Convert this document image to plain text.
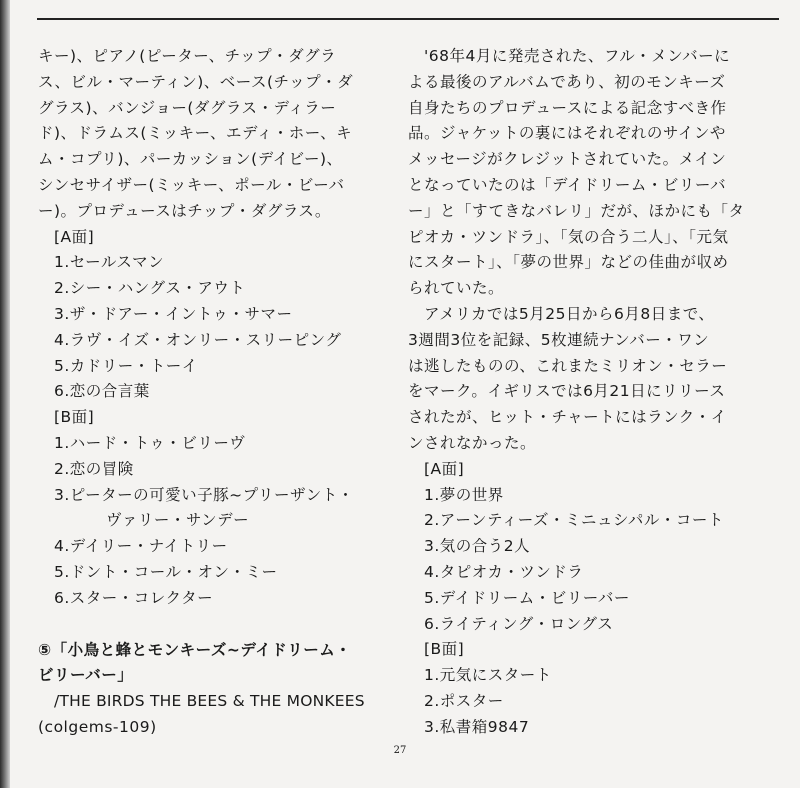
キー)、ピアノ(ピーター、チップ・ダグラ
ス、ビル・マーティン)、ベース(チップ・ダ
グラス)、バンジョー(ダグラス・ディラー
ド)、ドラムス(ミッキー、エディ・ホー、キ
ム・コプリ)、パーカッション(デイビー)、
シンセサイザー(ミッキー、ポール・ビーバ
ー)。プロデュースはチップ・ダグラス。
[A面]
1.セールスマン
2.シー・ハングス・アウト
3.ザ・ドアー・イントゥ・サマー
4.ラヴ・イズ・オンリー・スリーピング
5.カドリー・トーイ
6.恋の合言葉
[B面]
1.ハード・トゥ・ビリーヴ
2.恋の冒険
3.ピーターの可愛い子豚~プリーザント・
ヴァリー・サンデー
4.デイリー・ナイトリー
5.ドント・コール・オン・ミー
6.スター・コレクター
⑤「小鳥と蜂とモンキーズ~デイドリーム・
ビリーバー」
/THE BIRDS THE BEES & THE MONKEES
(colgems-109)
'68年4月に発売された、フル・メンバーに
よる最後のアルバムであり、初のモンキーズ
自身たちのプロデュースによる記念すべき作
品。ジャケットの裏にはそれぞれのサインや
メッセージがクレジットされていた。メイン
となっていたのは「デイドリーム・ビリーバ
ー」と「すてきなバレリ」だが、ほかにも「タ
ピオカ・ツンドラ」、「気の合う二人」、「元気
にスタート」、「夢の世界」などの佳曲が収め
られていた。
アメリカでは5月25日から6月8日まで、
3週間3位を記録、5枚連続ナンバー・ワン
は逃したものの、これまたミリオン・セラー
をマーク。イギリスでは6月21日にリリース
されたが、ヒット・チャートにはランク・イ
ンされなかった。
[A面]
1.夢の世界
2.アーンティーズ・ミニュシパル・コート
3.気の合う2人
4.タピオカ・ツンドラ
5.デイドリーム・ビリーバー
6.ライティング・ロングス
[B面]
1.元気にスタート
2.ポスター
3.私書箱9847
27
